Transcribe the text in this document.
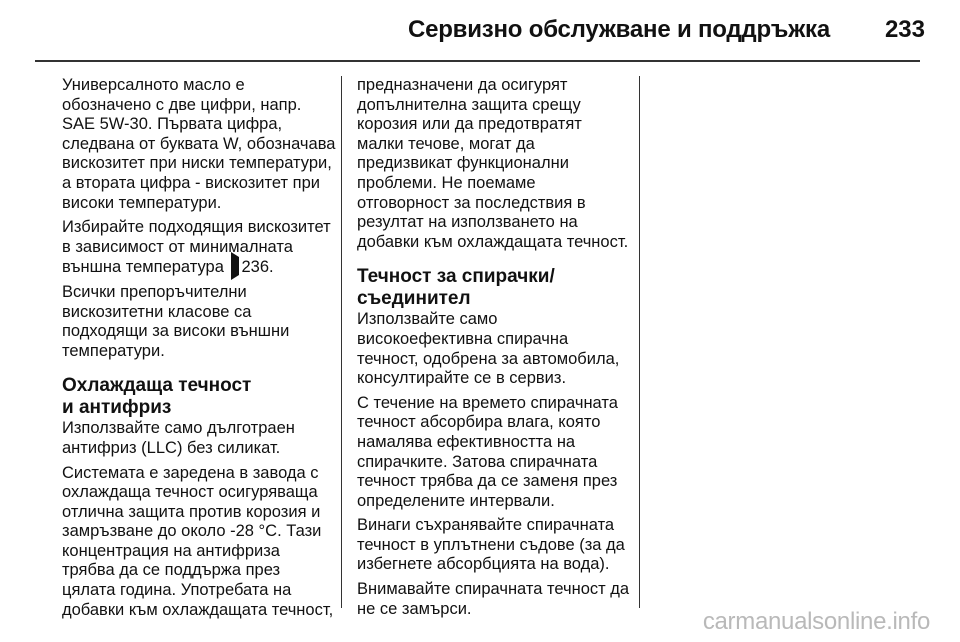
Сервизно обслужване и поддръжка	233

Универсалното масло е обозначено с две цифри, напр. SAE 5W-30. Първата цифра, следвана от буквата W, обозначава вискозитет при ниски температури, а втората цифра - вискозитет при високи температури.

Избирайте подходящия вискозитет в зависимост от минималната външна температура 236.

Всички препоръчителни вискозитетни класове са подходящи за високи външни температури.

Охлаждаща течност
и антифриз

Използвайте само дълготраен антифриз (LLC) без силикат.

Системата е заредена в завода с охлаждаща течност осигуряваща отлична защита против корозия и замръзване до около -28 °C. Тази концентрация на антифриза трябва да се поддържа през цялата година. Употребата на добавки към охлаждащата течност,

предназначени да осигурят допълнителна защита срещу корозия или да предотвратят малки течове, могат да предизвикат функционални проблеми. Не поемаме отговорност за последствия в резултат на използването на добавки към охлаждащата течност.

Течност за спирачки/
съединител

Използвайте само високоефективна спирачна течност, одобрена за автомобила, консултирайте се в сервиз.

С течение на времето спирачната течност абсорбира влага, която намалява ефективността на спирачките. Затова спирачната течност трябва да се заменя през определените интервали.

Винаги съхранявайте спирачната течност в уплътнени съдове (за да избегнете абсорбцията на вода).

Внимавайте спирачната течност да не се замърси.	carmanualsonline.info
